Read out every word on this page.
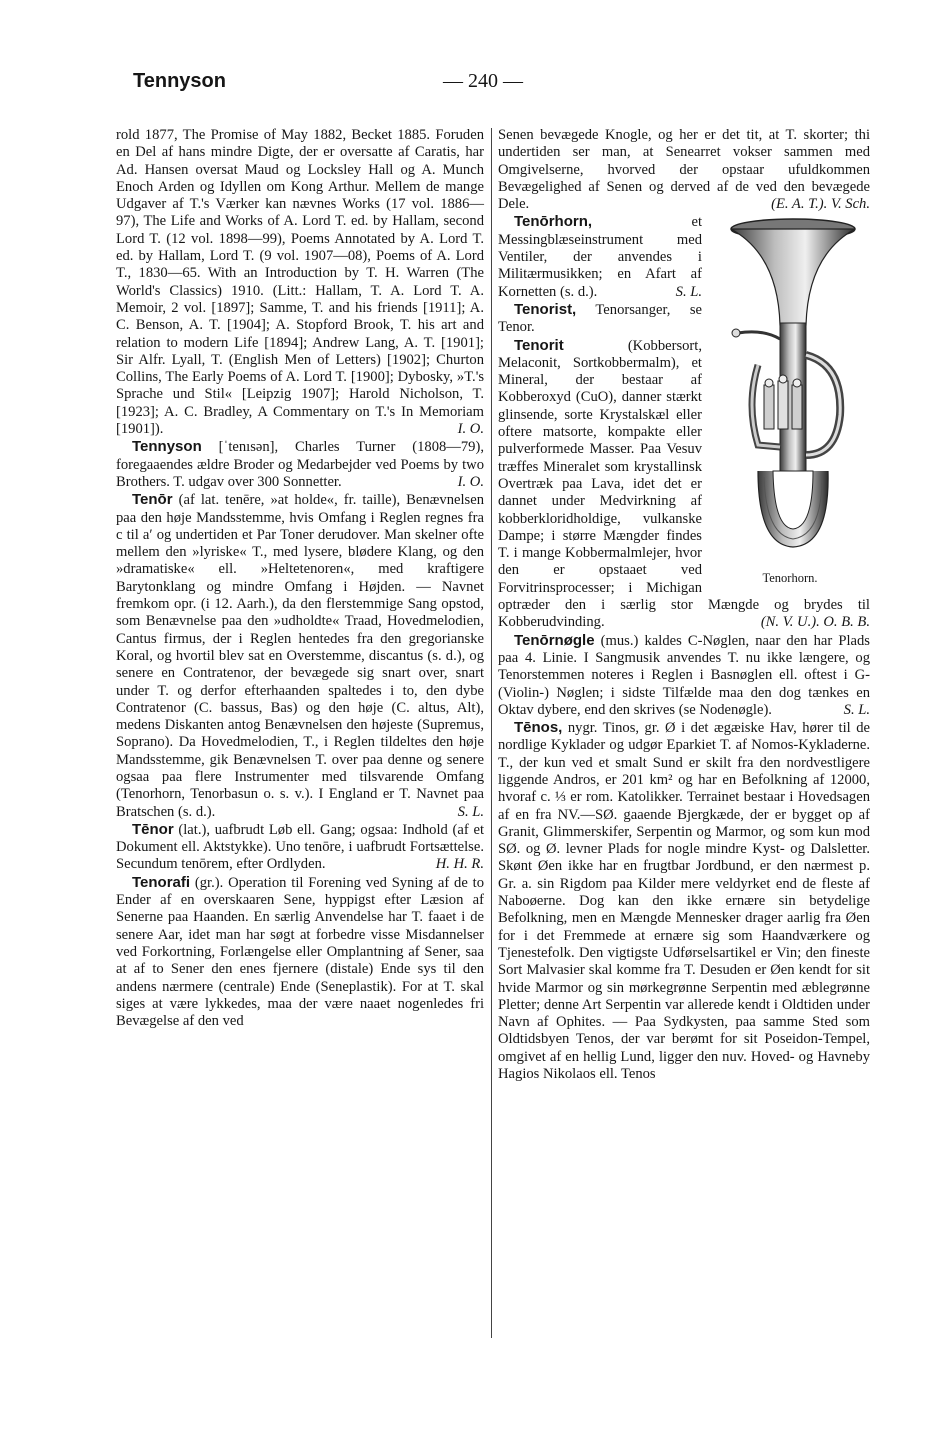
Tennyson	— 240 —

rold 1877, The Promise of May 1882, Becket 1885. Foruden en Del af hans mindre Digte, der er oversatte af Caratis, har Ad. Hansen oversat Maud og Locksley Hall og A. Munch Enoch Arden og Idyllen om Kong Arthur. Mellem de mange Udgaver af T.'s Værker kan nævnes Works (17 vol. 1886—97), The Life and Works of A. Lord T. ed. by Hallam, second Lord T. (12 vol. 1898—99), Poems Annotated by A. Lord T. ed. by Hallam, Lord T. (9 vol. 1907—08), Poems of A. Lord T., 1830—65. With an Introduction by T. H. Warren (The World's Classics) 1910. (Litt.: Hallam, T. A. Lord T. A. Memoir, 2 vol. [1897]; Samme, T. and his friends [1911]; A. C. Benson, A. T. [1904]; A. Stopford Brook, T. his art and relation to modern Life [1894]; Andrew Lang, A. T. [1901]; Sir Alfr. Lyall, T. (English Men of Letters) [1902]; Churton Collins, The Early Poems of A. Lord T. [1900]; Dybosky, »T.'s Sprache und Stil« [Leipzig 1907]; Harold Nicholson, T. [1923]; A. C. Bradley, A Commentary on T.'s In Memoriam [1901]).	I. O.

Tennyson [ˈtenısən], Charles Turner (1808—79), foregaaendes ældre Broder og Medarbejder ved Poems by two Brothers. T. udgav over 300 Sonnetter.	I. O.

Tenōr (af lat. tenēre, »at holde«, fr. taille), Benævnelsen paa den høje Mandsstemme, hvis Omfang i Reglen regnes fra c til a′ og undertiden et Par Toner derudover. Man skelner ofte mellem den »lyriske« T., med lysere, blødere Klang, og den »dramatiske« ell. »Heltetenoren«, med kraftigere Barytonklang og mindre Omfang i Højden. — Navnet fremkom opr. (i 12. Aarh.), da den flerstemmige Sang opstod, som Benævnelse paa den »udholdte« Traad, Hovedmelodien, Cantus firmus, der i Reglen hentedes fra den gregorianske Koral, og hvortil blev sat en Overstemme, discantus (s. d.), og senere en Contratenor, der bevægede sig snart over, snart under T. og derfor efterhaanden spaltedes i to, den dybe Contratenor (C. bassus, Bas) og den høje (C. altus, Alt), medens Diskanten antog Benævnelsen den højeste (Supremus, Soprano). Da Hovedmelodien, T., i Reglen tildeltes den høje Mandsstemme, gik Benævnelsen T. over paa denne og senere ogsaa paa flere Instrumenter med tilsvarende Omfang (Tenorhorn, Tenorbasun o. s. v.). I England er T. Navnet paa Bratschen (s. d.).	S. L.

Tēnor (lat.), uafbrudt Løb ell. Gang; ogsaa: Indhold (af et Dokument ell. Aktstykke). Uno tenōre, i uafbrudt Fortsættelse. Secundum tenōrem, efter Ordlyden.	H. H. R.

Tenorafi (gr.). Operation til Forening ved Syning af de to Ender af en overskaaren Sene, hyppigst efter Læsion af Senerne paa Haanden. En særlig Anvendelse har T. faaet i de senere Aar, idet man har søgt at forbedre visse Misdannelser ved Forkortning, Forlængelse eller Omplantning af Sener, saa at af to Sener den enes fjernere (distale) Ende sys til den andens nærmere (centrale) Ende (Seneplastik). For at T. skal siges at være lykkedes, maa der være naaet nogenledes fri Bevægelse af den ved

Senen bevægede Knogle, og her er det tit, at T. skorter; thi undertiden ser man, at Senearret vokser sammen med Omgivelserne, hvorved der opstaar ufuldkommen Bevægelighed af Senen og derved af de ved den bevægede Dele.	(E. A. T.). V. Sch.

Tenorhorn.

Tenōrhorn, et Messingblæseinstrument med Ventiler, der anvendes i Militærmusikken; en Afart af Kornetten (s. d.).	S. L.

Tenorist, Tenorsanger, se Tenor.

Tenorit (Kobbersort, Melaconit, Sortkobbermalm), et Mineral, der bestaar af Kobberoxyd (CuO), danner stærkt glinsende, sorte Krystalskæl eller oftere matsorte, kompakte eller pulverformede Masser. Paa Vesuv træffes Mineralet som krystallinsk Overtræk paa Lava, idet det er dannet under Medvirkning af kobberkloridholdige, vulkanske Dampe; i større Mængder findes T. i mange Kobbermalmlejer, hvor den er opstaaet ved Forvitrinsprocesser; i Michigan optræder den i særlig stor Mængde og brydes til Kobberudvinding.	(N. V. U.). O. B. B.

Tenōrnøgle (mus.) kaldes C-Nøglen, naar den har Plads paa 4. Linie. I Sangmusik anvendes T. nu ikke længere, og Tenorstemmen noteres i Reglen i Basnøglen ell. oftest i G-(Violin-) Nøglen; i sidste Tilfælde maa den dog tænkes en Oktav dybere, end den skrives (se Nodenøgle).	S. L.

Tēnos, nygr. Tinos, gr. Ø i det ægæiske Hav, hører til de nordlige Kyklader og udgør Eparkiet T. af Nomos-Kykladerne. T., der kun ved et smalt Sund er skilt fra den nordvestligere liggende Andros, er 201 km² og har en Befolkning af 12000, hvoraf c. ⅓ er rom. Katolikker. Terrainet bestaar i Hovedsagen af en fra NV.—SØ. gaaende Bjergkæde, der er bygget op af Granit, Glimmerskifer, Serpentin og Marmor, og som kun mod SØ. og Ø. levner Plads for nogle mindre Kyst- og Dalsletter. Skønt Øen ikke har en frugtbar Jordbund, er den nærmest p. Gr. a. sin Rigdom paa Kilder mere veldyrket end de fleste af Naboøerne. Dog kan den ikke ernære sin betydelige Befolkning, men en Mængde Mennesker drager aarlig fra Øen for i det Fremmede at ernære sig som Haandværkere og Tjenestefolk. Den vigtigste Udførselsartikel er Vin; den fineste Sort Malvasier skal komme fra T. Desuden er Øen kendt for sit hvide Marmor og sin mørkegrønne Serpentin med æblegrønne Pletter; denne Art Serpentin var allerede kendt i Oldtiden under Navn af Ophites. — Paa Sydkysten, paa samme Sted som Oldtidsbyen Tenos, der var berømt for sit Poseidon-Tempel, omgivet af en hellig Lund, ligger den nuv. Hoved- og Havneby Hagios Nikolaos ell. Tenos
